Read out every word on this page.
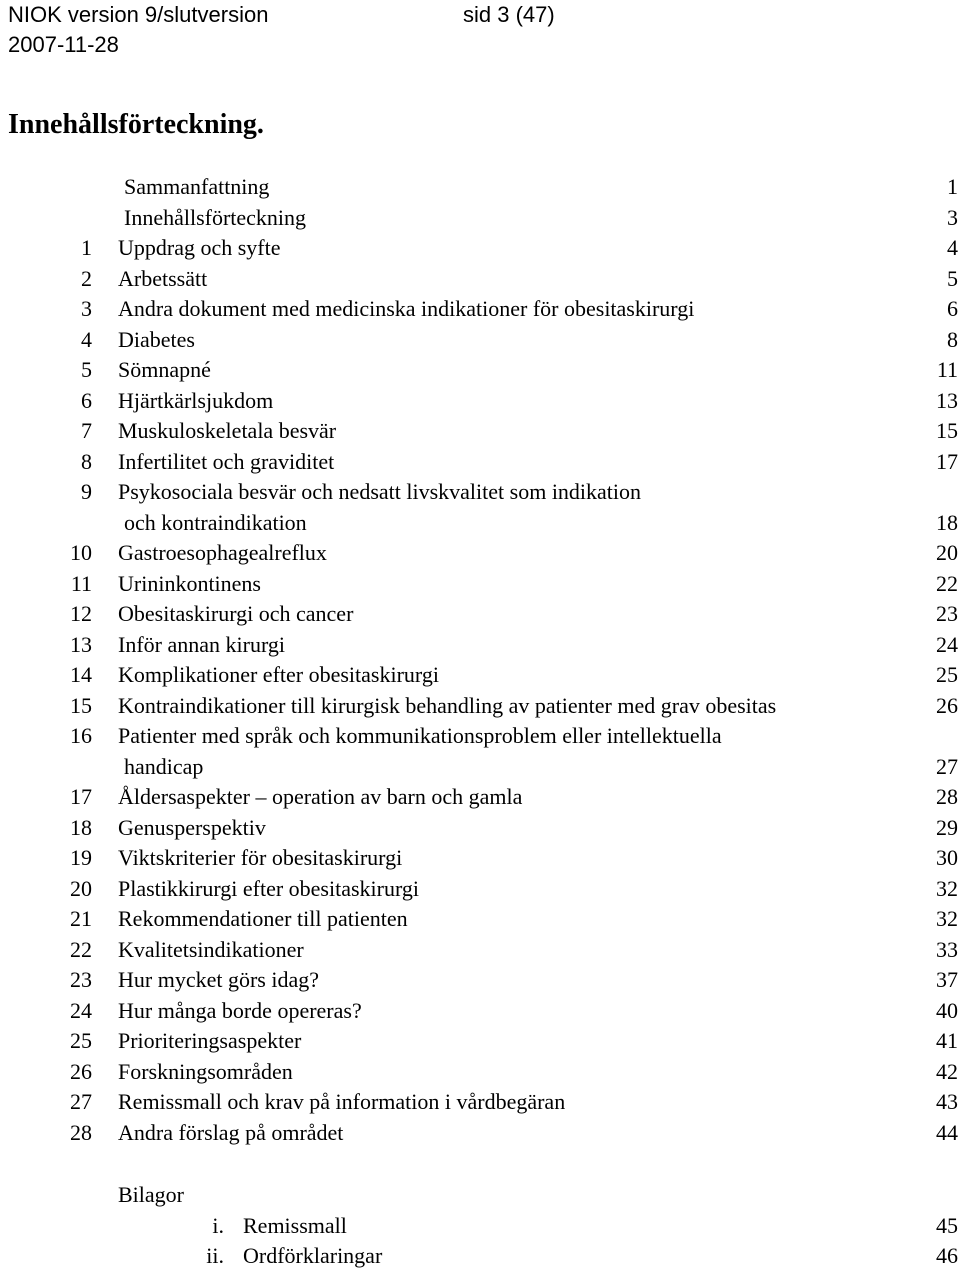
NIOK version 9/slutversion	sid 3 (47)
2007-11-28
Innehållsförteckning.
Sammanfattning	1
Innehållsförteckning	3
1 Uppdrag och syfte	4
2 Arbetssätt	5
3 Andra dokument med medicinska indikationer för obesitaskirurgi	6
4 Diabetes	8
5 Sömnapné	11
6 Hjärtkärlsjukdom	13
7 Muskuloskeletala besvär	15
8 Infertilitet och graviditet	17
9 Psykosociala besvär och nedsatt livskvalitet som indikation
och kontraindikation	18
10 Gastroesophagealreflux	20
11 Urininkontinens	22
12 Obesitaskirurgi och cancer	23
13 Inför annan kirurgi	24
14 Komplikationer efter obesitaskirurgi	25
15 Kontraindikationer till kirurgisk behandling av patienter med grav obesitas	26
16 Patienter med språk och kommunikationsproblem eller intellektuella
handicap	27
17 Åldersaspekter – operation av barn och gamla	28
18 Genusperspektiv	29
19 Viktskriterier för obesitaskirurgi	30
20 Plastikkirurgi efter obesitaskirurgi	32
21 Rekommendationer till patienten	32
22 Kvalitetsindikationer	33
23 Hur mycket görs idag?	37
24 Hur många borde opereras?	40
25 Prioriteringsaspekter	41
26 Forskningsområden	42
27 Remissmall och krav på information i vårdbegäran	43
28 Andra förslag på området	44
Bilagor
i. Remissmall	45
ii. Ordförklaringar	46
